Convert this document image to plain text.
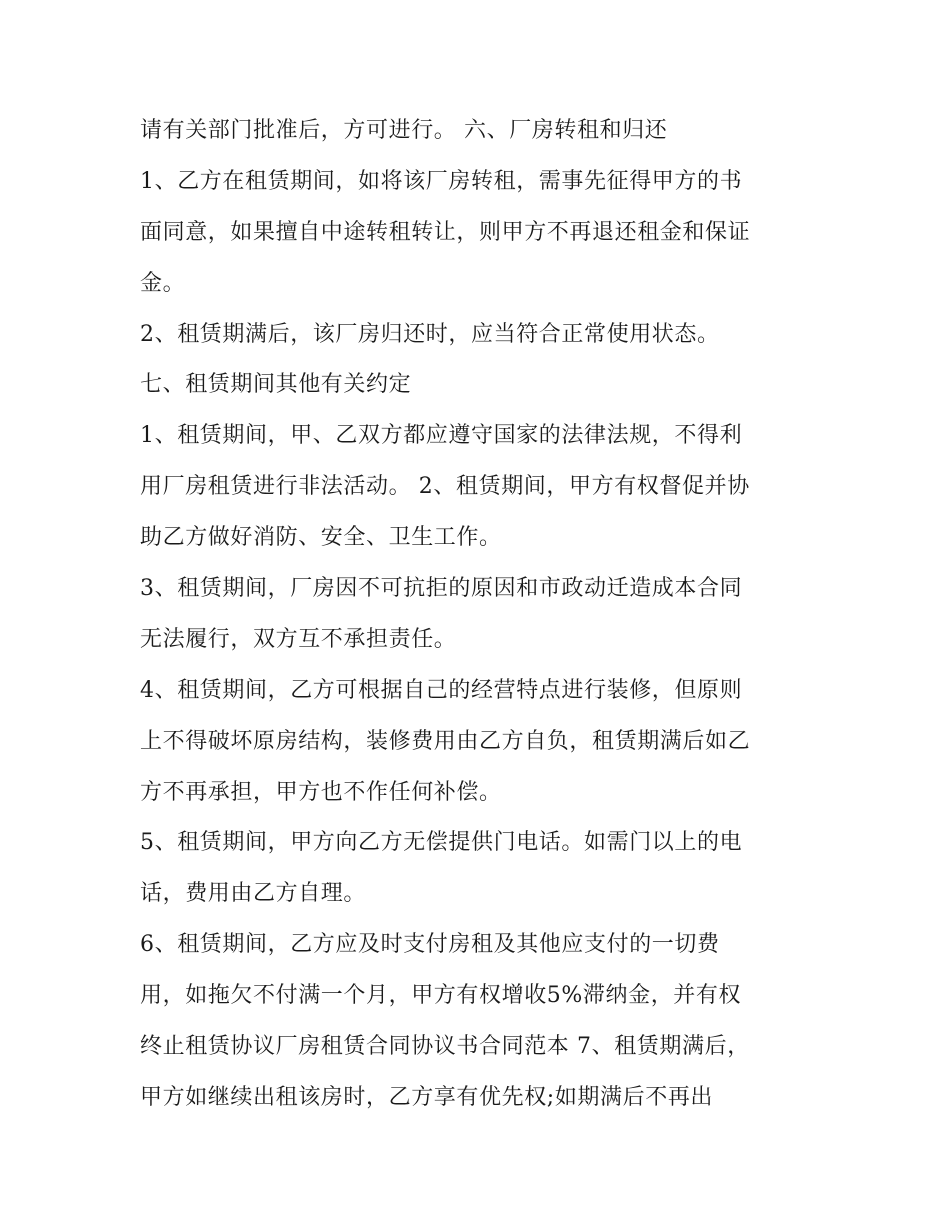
请有关部门批准后，方可进行。 六、厂房转租和归还
1、乙方在租赁期间，如将该厂房转租，需事先征得甲方的书
面同意，如果擅自中途转租转让，则甲方不再退还租金和保证
金。
2、租赁期满后，该厂房归还时，应当符合正常使用状态。
七、租赁期间其他有关约定
1、租赁期间，甲、乙双方都应遵守国家的法律法规，不得利
用厂房租赁进行非法活动。 2、租赁期间，甲方有权督促并协
助乙方做好消防、安全、卫生工作。
3、租赁期间，厂房因不可抗拒的原因和市政动迁造成本合同
无法履行，双方互不承担责任。
4、租赁期间，乙方可根据自己的经营特点进行装修，但原则
上不得破坏原房结构，装修费用由乙方自负，租赁期满后如乙
方不再承担，甲方也不作任何补偿。
5、租赁期间，甲方向乙方无偿提供门电话。如需门以上的电
话，费用由乙方自理。
6、租赁期间，乙方应及时支付房租及其他应支付的一切费
用，如拖欠不付满一个月，甲方有权增收5%滞纳金，并有权
终止租赁协议厂房租赁合同协议书合同范本 7、租赁期满后，
甲方如继续出租该房时，乙方享有优先权;如期满后不再出
